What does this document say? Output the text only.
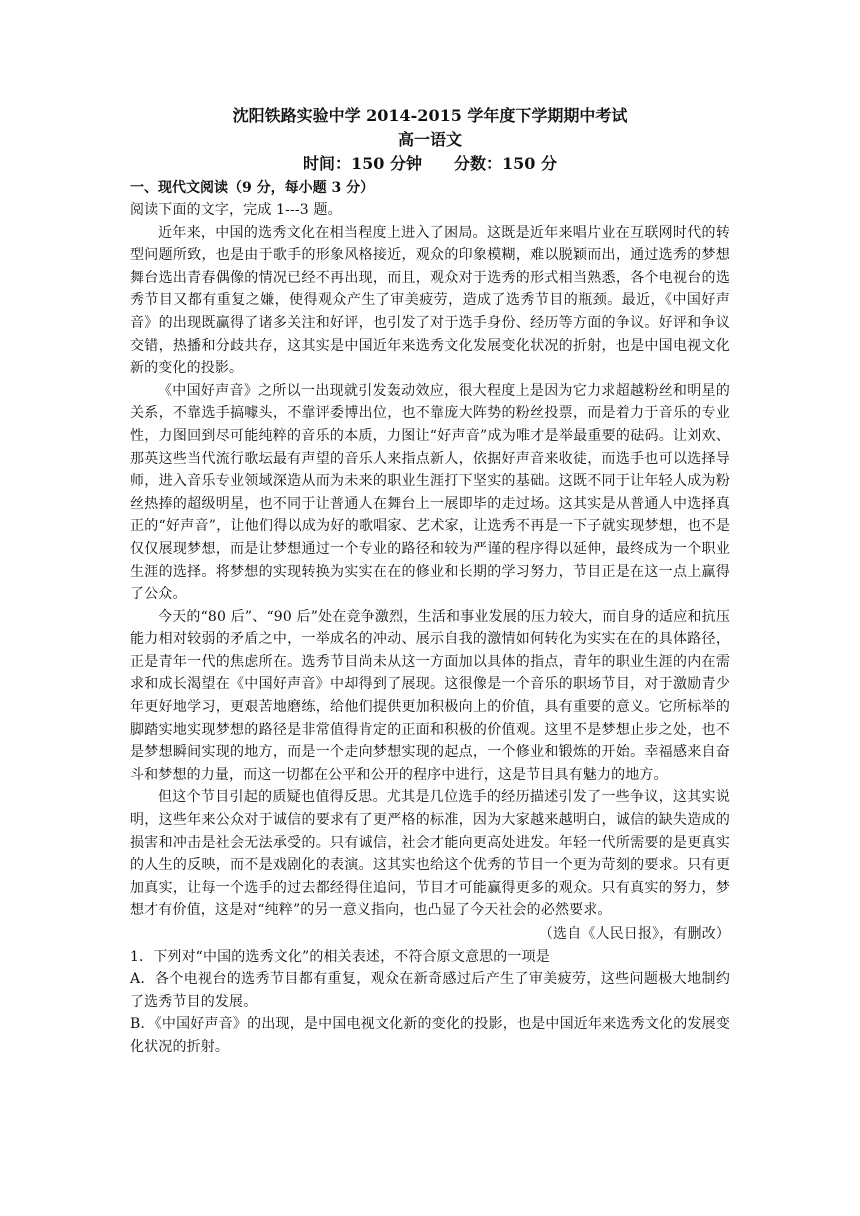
沈阳铁路实验中学 2014-2015 学年度下学期期中考试
高一语文
时间：150 分钟　　分数：150 分
一、现代文阅读（9 分，每小题 3 分）

阅读下面的文字，完成 1---3 题。

近年来，中国的选秀文化在相当程度上进入了困局。这既是近年来唱片业在互联网时代的转型问题所致，也是由于歌手的形象风格接近，观众的印象模糊，难以脱颖而出，通过选秀的梦想舞台选出青春偶像的情况已经不再出现，而且，观众对于选秀的形式相当熟悉，各个电视台的选秀节目又都有重复之嫌，使得观众产生了审美疲劳，造成了选秀节目的瓶颈。最近，《中国好声音》的出现既赢得了诸多关注和好评，也引发了对于选手身份、经历等方面的争议。好评和争议交错，热播和分歧共存，这其实是中国近年来选秀文化发展变化状况的折射，也是中国电视文化新的变化的投影。

《中国好声音》之所以一出现就引发轰动效应，很大程度上是因为它力求超越粉丝和明星的关系，不靠选手搞噱头，不靠评委博出位，也不靠庞大阵势的粉丝投票，而是着力于音乐的专业性，力图回到尽可能纯粹的音乐的本质，力图让“好声音”成为唯才是举最重要的砝码。让刘欢、那英这些当代流行歌坛最有声望的音乐人来指点新人，依据好声音来收徒，而选手也可以选择导师，进入音乐专业领域深造从而为未来的职业生涯打下坚实的基础。这既不同于让年轻人成为粉丝热捧的超级明星，也不同于让普通人在舞台上一展即毕的走过场。这其实是从普通人中选择真正的“好声音”，让他们得以成为好的歌唱家、艺术家，让选秀不再是一下子就实现梦想，也不是仅仅展现梦想，而是让梦想通过一个专业的路径和较为严谨的程序得以延伸，最终成为一个职业生涯的选择。将梦想的实现转换为实实在在的修业和长期的学习努力，节目正是在这一点上赢得了公众。

今天的“80 后”、“90 后”处在竞争激烈，生活和事业发展的压力较大，而自身的适应和抗压能力相对较弱的矛盾之中，一举成名的冲动、展示自我的激情如何转化为实实在在的具体路径，正是青年一代的焦虑所在。选秀节目尚未从这一方面加以具体的指点，青年的职业生涯的内在需求和成长渴望在《中国好声音》中却得到了展现。这很像是一个音乐的职场节目，对于激励青少年更好地学习，更艰苦地磨练，给他们提供更加积极向上的价值，具有重要的意义。它所标举的脚踏实地实现梦想的路径是非常值得肯定的正面和积极的价值观。这里不是梦想止步之处，也不是梦想瞬间实现的地方，而是一个走向梦想实现的起点，一个修业和锻炼的开始。幸福感来自奋斗和梦想的力量，而这一切都在公平和公开的程序中进行，这是节目具有魅力的地方。

但这个节目引起的质疑也值得反思。尤其是几位选手的经历描述引发了一些争议，这其实说明，这些年来公众对于诚信的要求有了更严格的标准，因为大家越来越明白，诚信的缺失造成的损害和冲击是社会无法承受的。只有诚信，社会才能向更高处进发。年轻一代所需要的是更真实的人生的反映，而不是戏剧化的表演。这其实也给这个优秀的节目一个更为苛刻的要求。只有更加真实，让每一个选手的过去都经得住追问，节目才可能赢得更多的观众。只有真实的努力，梦想才有价值，这是对“纯粹”的另一意义指向，也凸显了今天社会的必然要求。

（选自《人民日报》，有删改）

1．下列对“中国的选秀文化”的相关表述，不符合原文意思的一项是

A．各个电视台的选秀节目都有重复，观众在新奇感过后产生了审美疲劳，这些问题极大地制约了选秀节目的发展。

B．《中国好声音》的出现，是中国电视文化新的变化的投影，也是中国近年来选秀文化的发展变化状况的折射。
